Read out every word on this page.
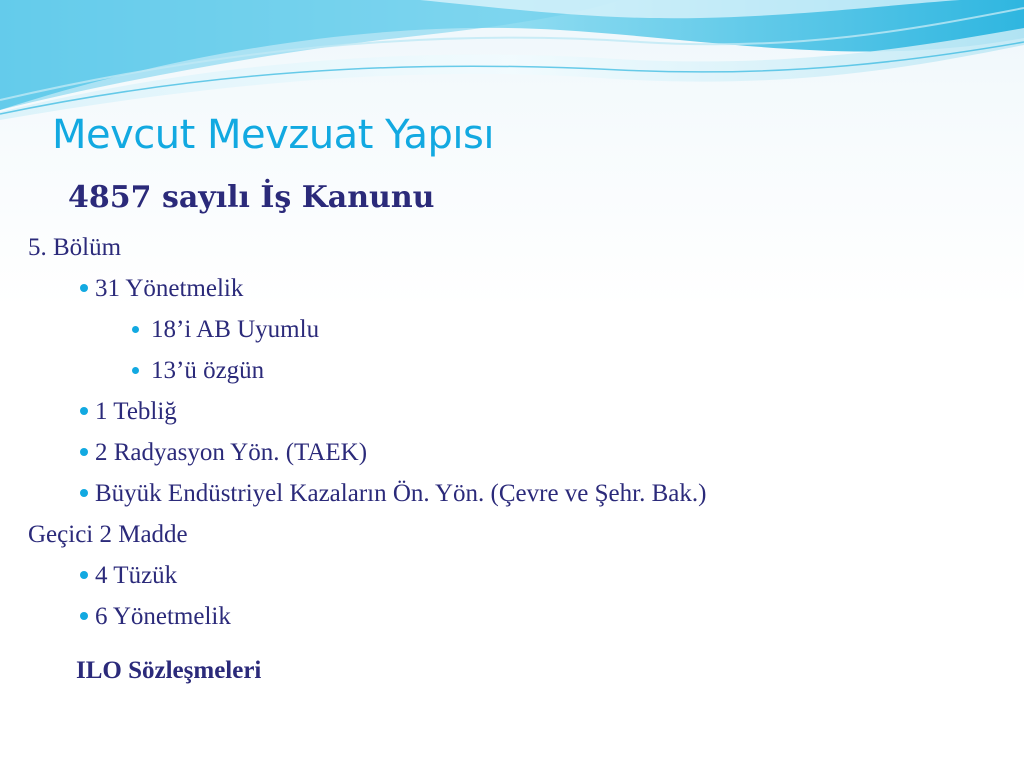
Mevcut Mevzuat Yapısı
4857 sayılı İş Kanunu
5. Bölüm
31 Yönetmelik
18’i AB Uyumlu
13’ü özgün
1 Tebliğ
2 Radyasyon Yön. (TAEK)
Büyük Endüstriyel Kazaların Ön. Yön. (Çevre ve Şehr. Bak.)
Geçici 2 Madde
4 Tüzük
6 Yönetmelik
ILO Sözleşmeleri
